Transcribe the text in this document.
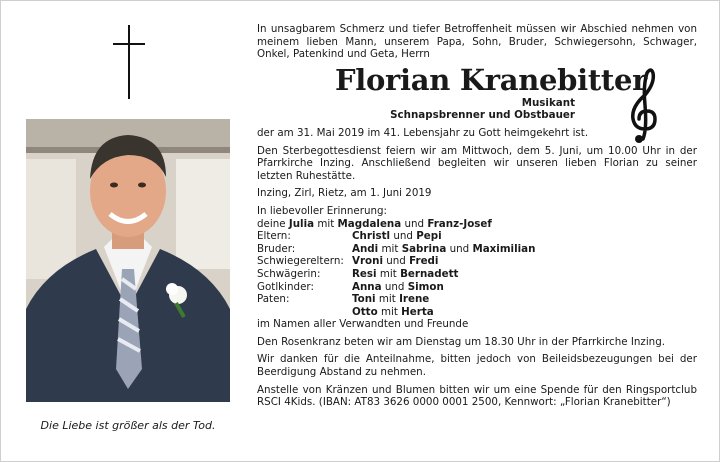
Die Liebe ist größer als der Tod.

In unsagbarem Schmerz und tiefer Betroffenheit müssen wir Abschied nehmen von meinem lieben Mann, unserem Papa, Sohn, Bruder, Schwiegersohn, Schwager, Onkel, Patenkind und Geta, Herrn

Florian Kranebitter
Musikant
Schnapsbrenner und Obstbauer

der am 31. Mai 2019 im 41. Lebensjahr zu Gott heimgekehrt ist.

Den Sterbegottesdienst feiern wir am Mittwoch, dem 5. Juni, um 10.00 Uhr in der Pfarrkirche Inzing. Anschließend begleiten wir unseren lieben Florian zu seiner letzten Ruhestätte.

Inzing, Zirl, Rietz, am 1. Juni 2019

In liebevoller Erinnerung:

deine Julia mit Magdalena und Franz-Josef

Eltern:	Christl und Pepi
Bruder:	Andi mit Sabrina und Maximilian
Schwiegereltern: Vroni und Fredi
Schwägerin:	Resi mit Bernadett
Gotlkinder:	Anna und Simon
Paten:	Toni mit Irene
Otto mit Herta

im Namen aller Verwandten und Freunde

Den Rosenkranz beten wir am Dienstag um 18.30 Uhr in der Pfarrkirche Inzing.

Wir danken für die Anteilnahme, bitten jedoch von Beileidsbezeugungen bei der Beerdigung Abstand zu nehmen.

Anstelle von Kränzen und Blumen bitten wir um eine Spende für den Ringsportclub RSCI 4Kids. (IBAN: AT83 3626 0000 0001 2500, Kennwort: „Florian Kranebitter“)
